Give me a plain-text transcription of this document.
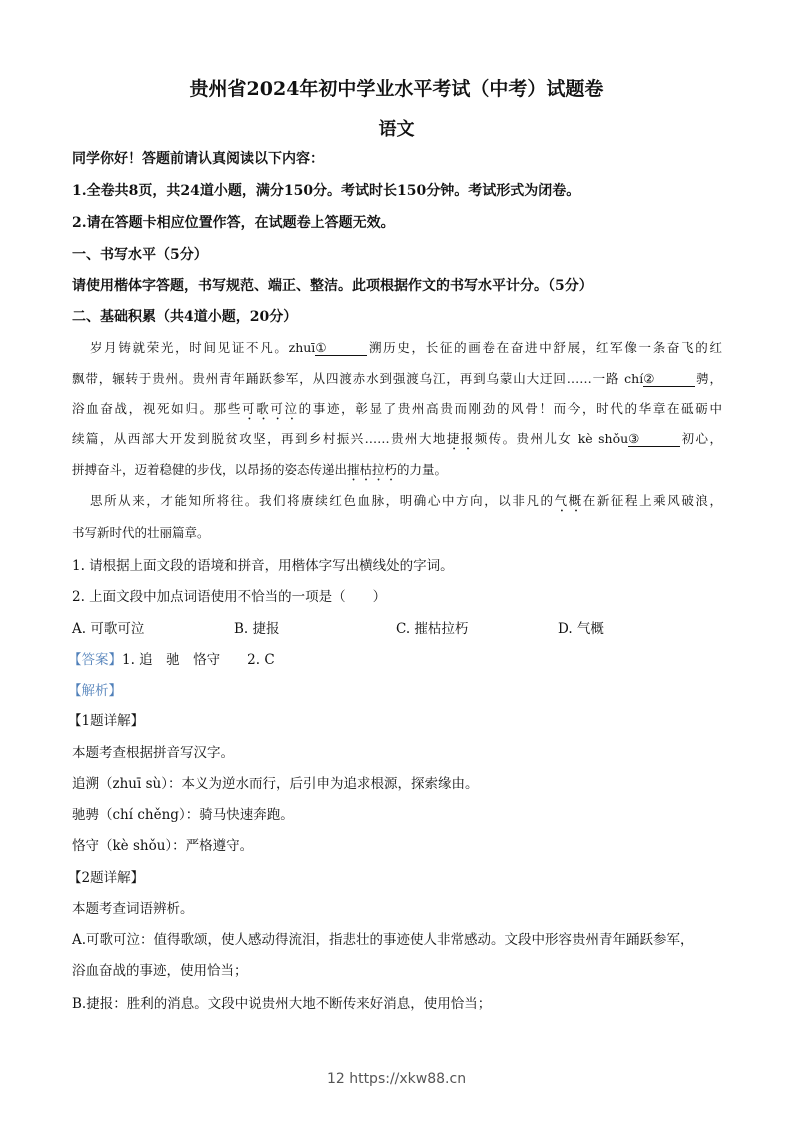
贵州省2024年初中学业水平考试（中考）试题卷
语文
同学你好！答题前请认真阅读以下内容：
1.全卷共8页，共24道小题，满分150分。考试时长150分钟。考试形式为闭卷。
2.请在答题卡相应位置作答，在试题卷上答题无效。
一、书写水平（5分）
请使用楷体字答题，书写规范、端正、整洁。此项根据作文的书写水平计分。（5分）
二、基础积累（共4道小题，20分）
岁月铸就荣光，时间见证不凡。zhuī①	溯历史，长征的画卷在奋进中舒展，红军像一条奋飞的红
飘带，辗转于贵州。贵州青年踊跃参军，从四渡赤水到强渡乌江，再到乌蒙山大迂回……一路 chí②	骋，
浴血奋战，视死如归。那些可歌可泣的事迹，彰显了贵州高贵而刚劲的风骨！而今，时代的华章在砥砺中
续篇，从西部大开发到脱贫攻坚，再到乡村振兴……贵州大地捷报频传。贵州儿女 kè shǒu③	初心，
拼搏奋斗，迈着稳健的步伐，以昂扬的姿态传递出摧枯拉朽的力量。
思所从来，才能知所将往。我们将赓续红色血脉，明确心中方向，以非凡的气概在新征程上乘风破浪，
书写新时代的壮丽篇章。
1. 请根据上面文段的语境和拼音，用楷体字写出横线处的字词。
2. 上面文段中加点词语使用不恰当的一项是（　　）
A. 可歌可泣	B. 捷报	C. 摧枯拉朽	D. 气概
【答案】1. 追　驰　恪守　　2. C
【解析】
【1题详解】
本题考查根据拼音写汉字。
追溯（zhuī sù）：本义为逆水而行，后引申为追求根源，探索缘由。
驰骋（chí chěng）：骑马快速奔跑。
恪守（kè shǒu）：严格遵守。
【2题详解】
本题考查词语辨析。
A.可歌可泣：值得歌颂，使人感动得流泪，指悲壮的事迹使人非常感动。文段中形容贵州青年踊跃参军，
浴血奋战的事迹，使用恰当；
B.捷报：胜利的消息。文段中说贵州大地不断传来好消息，使用恰当；
12 https://xkw88.cn
